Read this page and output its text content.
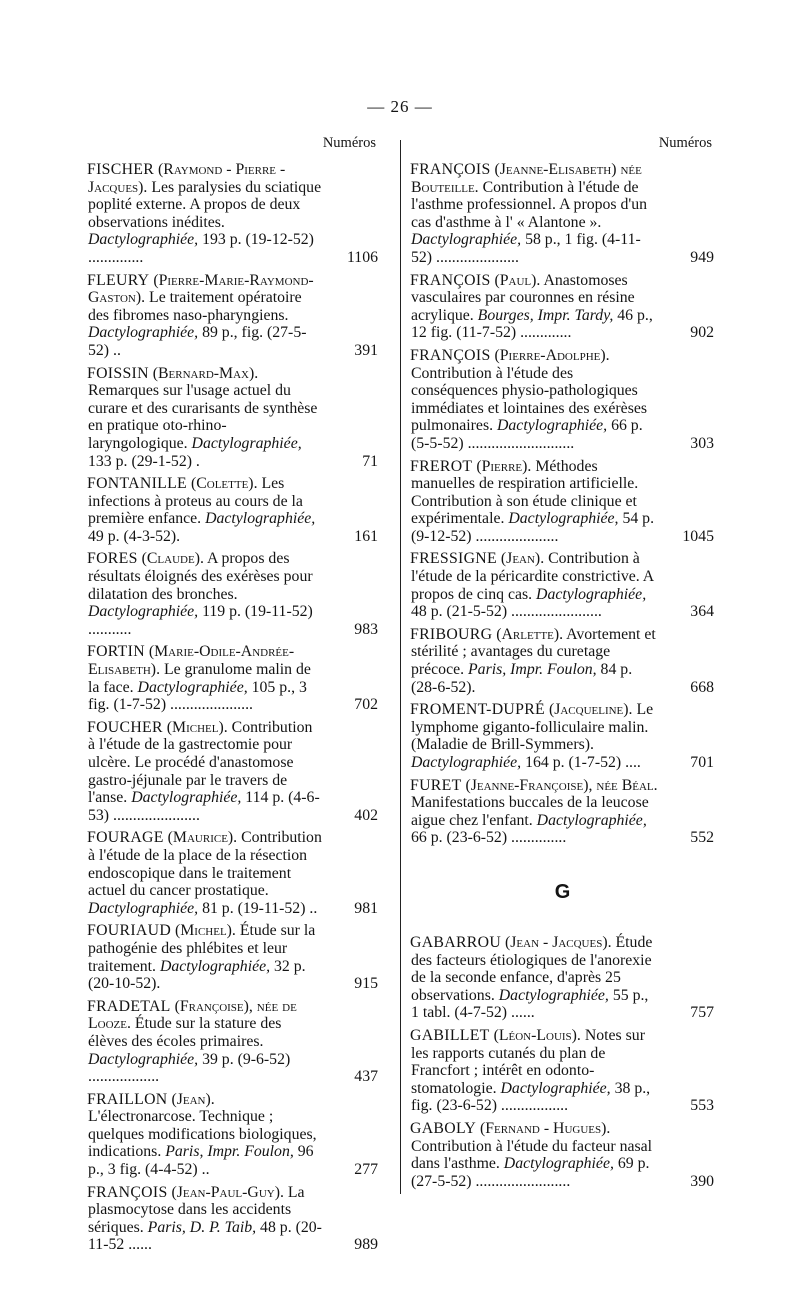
— 26 —
Numéros	Numéros
FISCHER (Raymond - Pierre - Jacques). Les paralysies du sciatique poplité externe. A propos de deux observations inédites. Dactylographiée, 193 p. (19-12-52) ..............	1106
FLEURY (Pierre-Marie-Raymond-Gaston). Le traitement opératoire des fibromes naso-pharyngiens. Dactylographiée, 89 p., fig. (27-5-52) ..	391
FOISSIN (Bernard-Max). Remarques sur l'usage actuel du curare et des curarisants de synthèse en pratique oto-rhino-laryngologique. Dactylographiée, 133 p. (29-1-52) .	71
FONTANILLE (Colette). Les infections à proteus au cours de la première enfance. Dactylographiée, 49 p. (4-3-52).	161
FORES (Claude). A propos des résultats éloignés des exérèses pour dilatation des bronches. Dactylographiée, 119 p. (19-11-52) ...........	983
FORTIN (Marie-Odile-Andrée-Elisabeth). Le granulome malin de la face. Dactylographiée, 105 p., 3 fig. (1-7-52) .....................	702
FOUCHER (Michel). Contribution à l'étude de la gastrectomie pour ulcère. Le procédé d'anastomose gastro-jéjunale par le travers de l'anse. Dactylographiée, 114 p. (4-6-53) ......................	402
FOURAGE (Maurice). Contribution à l'étude de la place de la résection endoscopique dans le traitement actuel du cancer prostatique. Dactylographiée, 81 p. (19-11-52) ..	981
FOURIAUD (Michel). Étude sur la pathogénie des phlébites et leur traitement. Dactylographiée, 32 p. (20-10-52).	915
FRADETAL (Françoise), née de Looze. Étude sur la stature des élèves des écoles primaires. Dactylographiée, 39 p. (9-6-52) ..................	437
FRAILLON (Jean). L'électronarcose. Technique ; quelques modifications biologiques, indications. Paris, Impr. Foulon, 96 p., 3 fig. (4-4-52) ..	277
FRANÇOIS (Jean-Paul-Guy). La plasmocytose dans les accidents sériques. Paris, D. P. Taib, 48 p. (20-11-52 ......	989
FRANÇOIS (Jeanne-Elisabeth) née Bouteille. Contribution à l'étude de l'asthme professionnel. A propos d'un cas d'asthme à l' « Alantone ». Dactylographiée, 58 p., 1 fig. (4-11-52) .....................	949
FRANÇOIS (Paul). Anastomoses vasculaires par couronnes en résine acrylique. Bourges, Impr. Tardy, 46 p., 12 fig. (11-7-52) .............	902
FRANÇOIS (Pierre-Adolphe). Contribution à l'étude des conséquences physio-pathologiques immédiates et lointaines des exérèses pulmonaires. Dactylographiée, 66 p. (5-5-52) ...........................	303
FREROT (Pierre). Méthodes manuelles de respiration artificielle. Contribution à son étude clinique et expérimentale. Dactylographiée, 54 p. (9-12-52) .....................	1045
FRESSIGNE (Jean). Contribution à l'étude de la péricardite constrictive. A propos de cinq cas. Dactylographiée, 48 p. (21-5-52) .......................	364
FRIBOURG (Arlette). Avortement et stérilité ; avantages du curetage précoce. Paris, Impr. Foulon, 84 p. (28-6-52).	668
FROMENT-DUPRÉ (Jacqueline). Le lymphome giganto-folliculaire malin. (Maladie de Brill-Symmers). Dactylographiée, 164 p. (1-7-52) ....	701
FURET (Jeanne-Françoise), née Béal. Manifestations buccales de la leucose aigue chez l'enfant. Dactylographiée, 66 p. (23-6-52) ..............	552
G
GABARROU (Jean - Jacques). Étude des facteurs étiologiques de l'anorexie de la seconde enfance, d'après 25 observations. Dactylographiée, 55 p., 1 tabl. (4-7-52) ......	757
GABILLET (Léon-Louis). Notes sur les rapports cutanés du plan de Francfort ; intérêt en odonto-stomatologie. Dactylographiée, 38 p., fig. (23-6-52) .................	553
GABOLY (Fernand - Hugues). Contribution à l'étude du facteur nasal dans l'asthme. Dactylographiée, 69 p. (27-5-52) ........................	390
